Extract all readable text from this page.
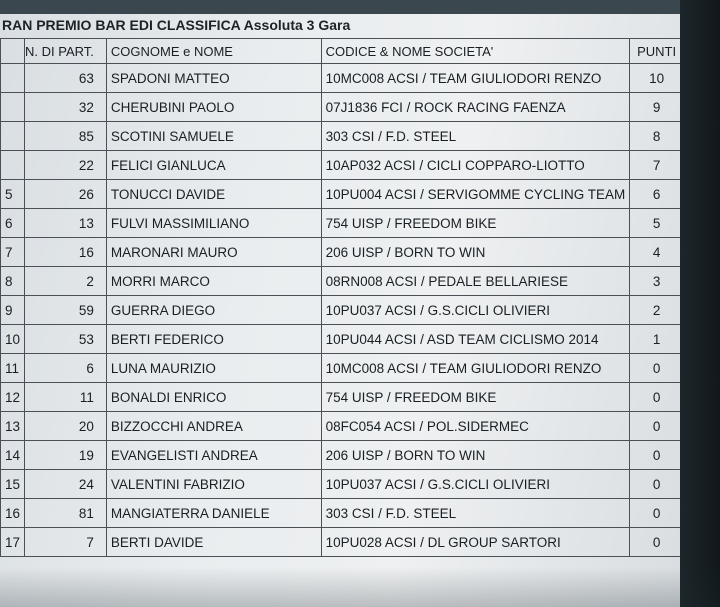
RAN PREMIO BAR EDI CLASSIFICA Assoluta 3 Gara
	N. DI PART.	COGNOME e NOME	CODICE & NOME SOCIETA'	PUNTI
	63	SPADONI MATTEO	10MC008 ACSI / TEAM GIULIODORI RENZO	10
	32	CHERUBINI PAOLO	07J1836 FCI / ROCK RACING FAENZA	9
	85	SCOTINI SAMUELE	303 CSI / F.D. STEEL	8
	22	FELICI GIANLUCA	10AP032 ACSI / CICLI COPPARO-LIOTTO	7
5	26	TONUCCI DAVIDE	10PU004 ACSI / SERVIGOMME CYCLING TEAM	6
6	13	FULVI MASSIMILIANO	754 UISP / FREEDOM BIKE	5
7	16	MARONARI MAURO	206 UISP / BORN TO WIN	4
8	2	MORRI MARCO	08RN008 ACSI / PEDALE BELLARIESE	3
9	59	GUERRA DIEGO	10PU037 ACSI / G.S.CICLI OLIVIERI	2
10	53	BERTI FEDERICO	10PU044 ACSI / ASD TEAM CICLISMO 2014	1
11	6	LUNA MAURIZIO	10MC008 ACSI / TEAM GIULIODORI RENZO	0
12	11	BONALDI ENRICO	754 UISP / FREEDOM BIKE	0
13	20	BIZZOCCHI ANDREA	08FC054 ACSI / POL.SIDERMEC	0
14	19	EVANGELISTI ANDREA	206 UISP / BORN TO WIN	0
15	24	VALENTINI FABRIZIO	10PU037 ACSI / G.S.CICLI OLIVIERI	0
16	81	MANGIATERRA DANIELE	303 CSI / F.D. STEEL	0
17	7	BERTI DAVIDE	10PU028 ACSI / DL GROUP SARTORI	0
